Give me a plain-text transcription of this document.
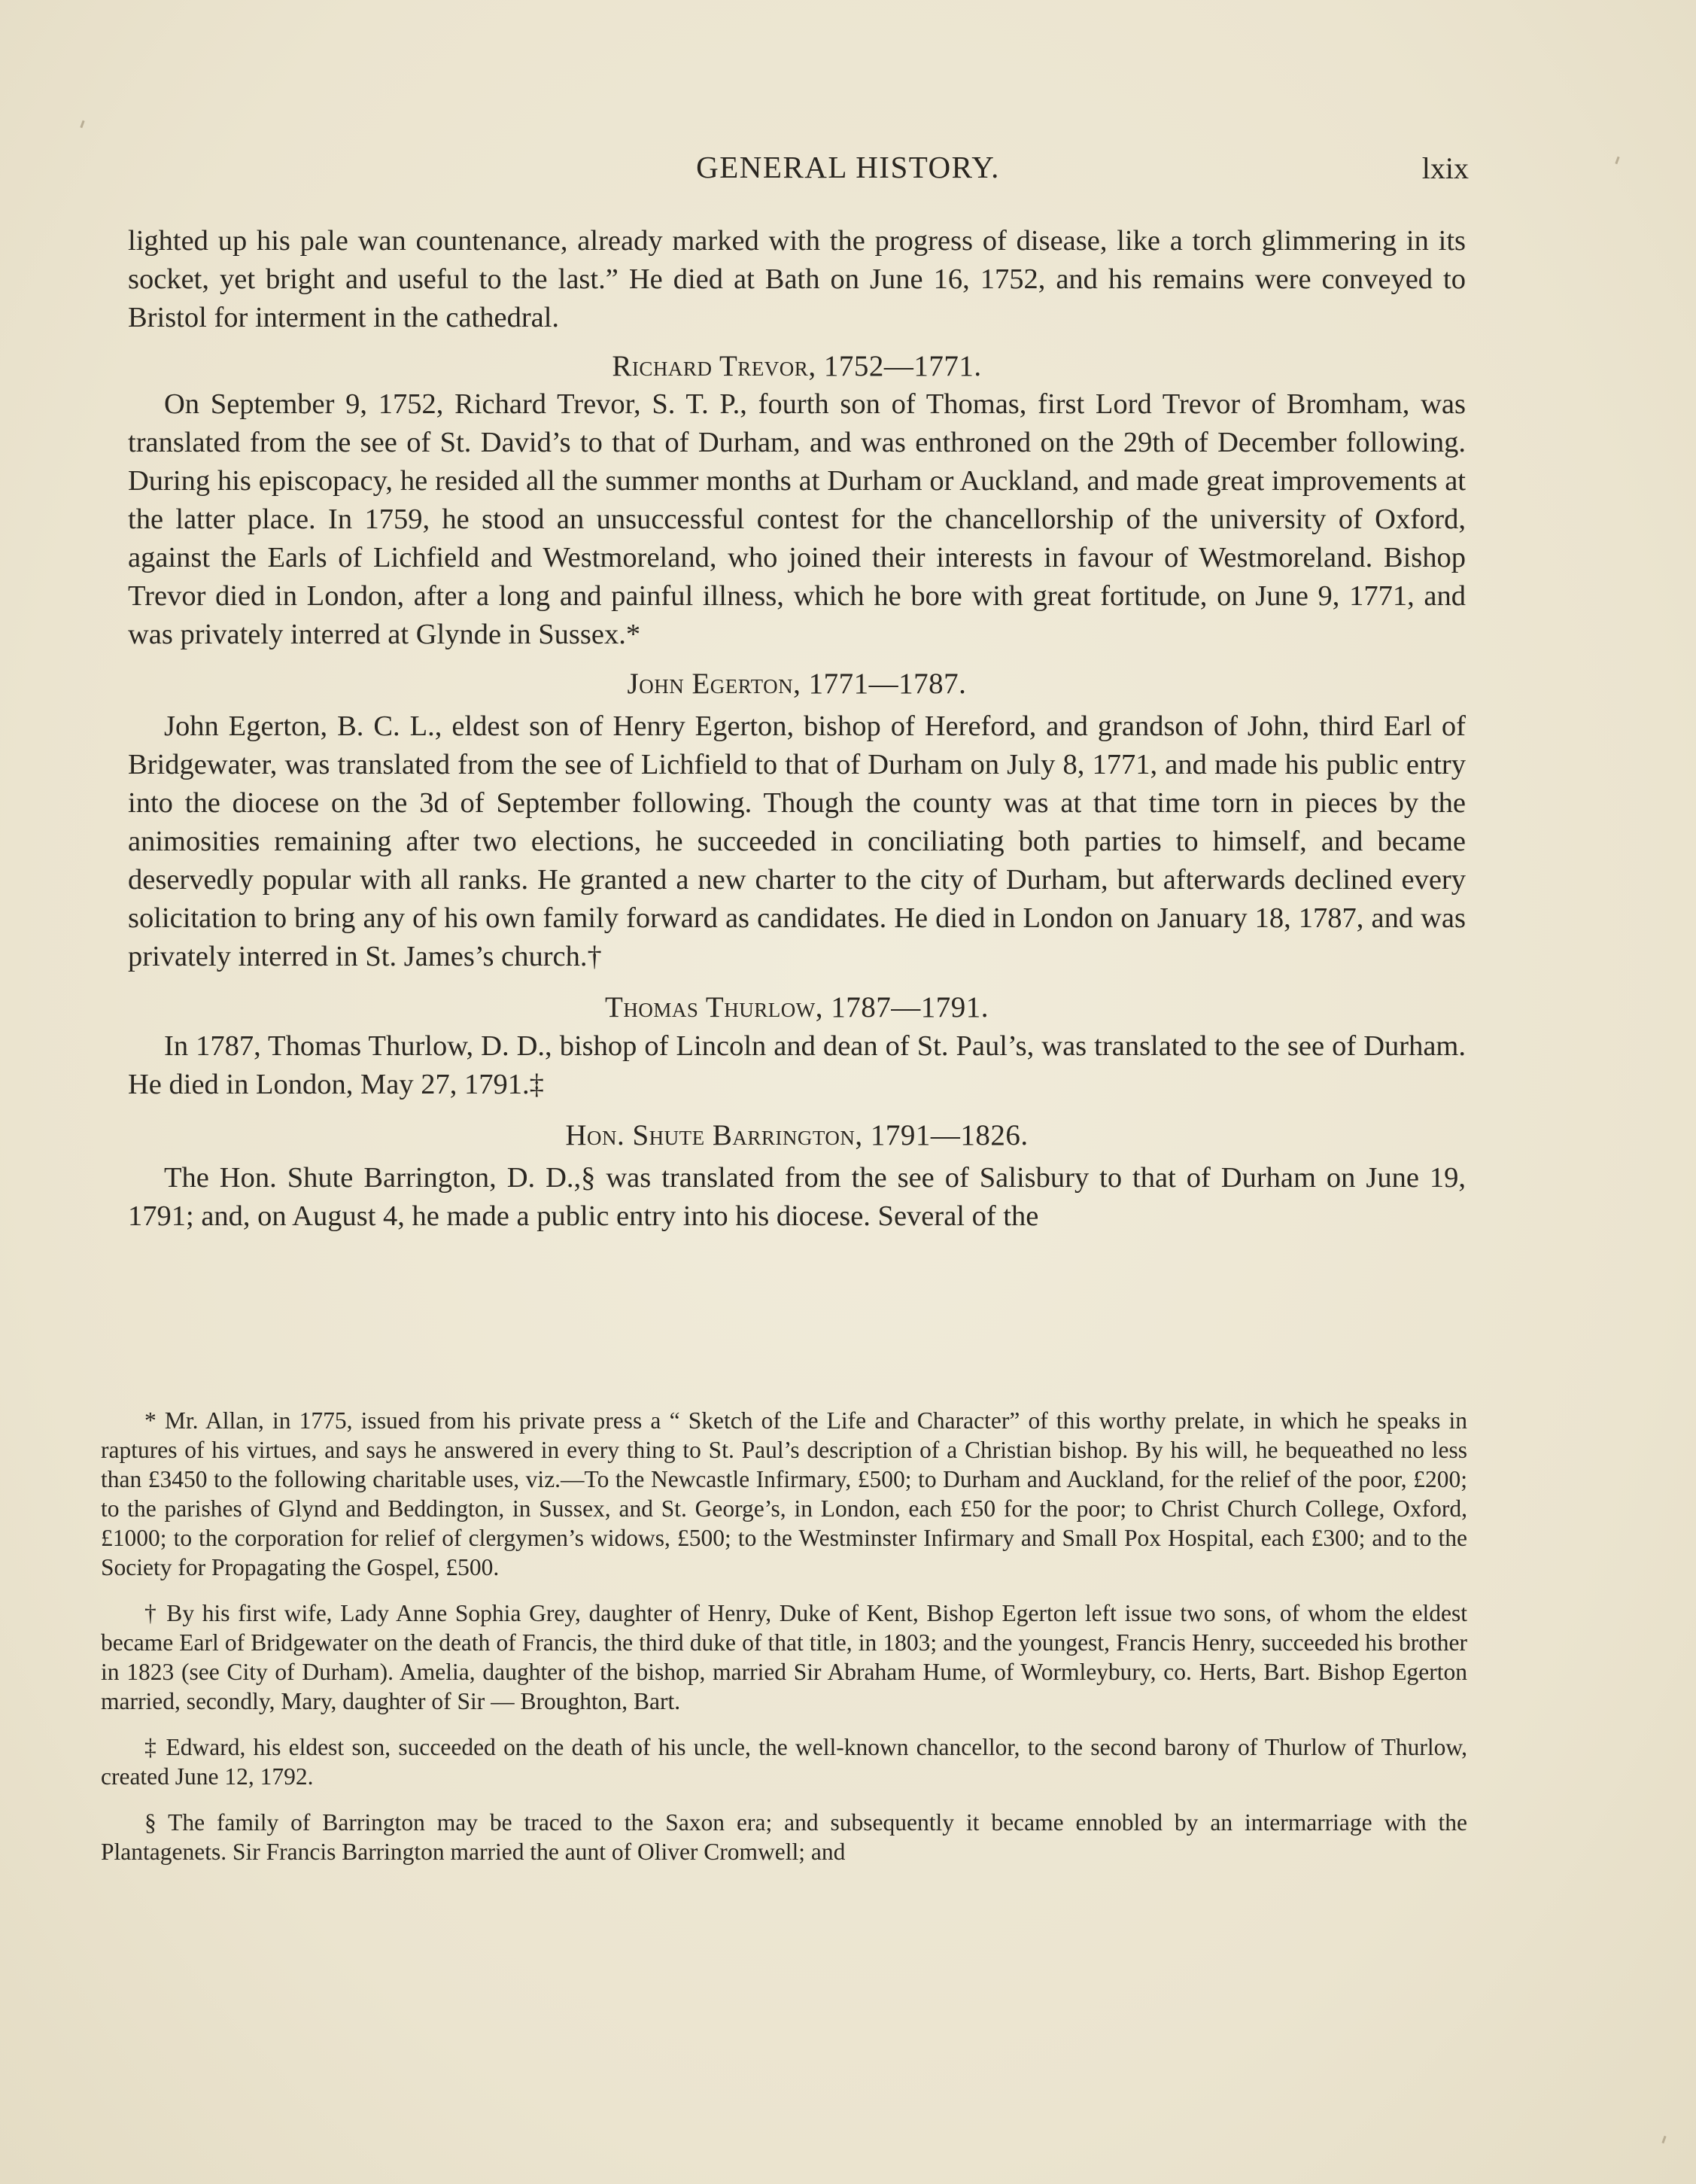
GENERAL HISTORY.	lxix

lighted up his pale wan countenance, already marked with the progress of disease, like a torch glimmering in its socket, yet bright and useful to the last.” He died at Bath on June 16, 1752, and his remains were conveyed to Bristol for interment in the cathedral.

Richard Trevor, 1752—1771.

On September 9, 1752, Richard Trevor, S. T. P., fourth son of Thomas, first Lord Trevor of Bromham, was translated from the see of St. David’s to that of Durham, and was enthroned on the 29th of December following. During his episcopacy, he resided all the summer months at Durham or Auckland, and made great improvements at the latter place. In 1759, he stood an unsuccessful contest for the chancellorship of the university of Oxford, against the Earls of Lichfield and Westmoreland, who joined their interests in favour of Westmoreland. Bishop Trevor died in London, after a long and painful illness, which he bore with great fortitude, on June 9, 1771, and was privately interred at Glynde in Sussex.*

John Egerton, 1771—1787.

John Egerton, B. C. L., eldest son of Henry Egerton, bishop of Hereford, and grandson of John, third Earl of Bridgewater, was translated from the see of Lichfield to that of Durham on July 8, 1771, and made his public entry into the diocese on the 3d of September following. Though the county was at that time torn in pieces by the animosities remaining after two elections, he succeeded in conciliating both parties to himself, and became deservedly popular with all ranks. He granted a new charter to the city of Durham, but afterwards declined every solicitation to bring any of his own family forward as candidates. He died in London on January 18, 1787, and was privately interred in St. James’s church.†

Thomas Thurlow, 1787—1791.

In 1787, Thomas Thurlow, D. D., bishop of Lincoln and dean of St. Paul’s, was translated to the see of Durham. He died in London, May 27, 1791.‡

Hon. Shute Barrington, 1791—1826.

The Hon. Shute Barrington, D. D.,§ was translated from the see of Salisbury to that of Durham on June 19, 1791; and, on August 4, he made a public entry into his diocese. Several of the

* Mr. Allan, in 1775, issued from his private press a “ Sketch of the Life and Character” of this worthy prelate, in which he speaks in raptures of his virtues, and says he answered in every thing to St. Paul’s description of a Christian bishop. By his will, he bequeathed no less than £3450 to the following charitable uses, viz.—To the Newcastle Infirmary, £500; to Durham and Auckland, for the relief of the poor, £200; to the parishes of Glynd and Beddington, in Sussex, and St. George’s, in London, each £50 for the poor; to Christ Church College, Oxford, £1000; to the corporation for relief of clergymen’s widows, £500; to the Westminster Infirmary and Small Pox Hospital, each £300; and to the Society for Propagating the Gospel, £500.

† By his first wife, Lady Anne Sophia Grey, daughter of Henry, Duke of Kent, Bishop Egerton left issue two sons, of whom the eldest became Earl of Bridgewater on the death of Francis, the third duke of that title, in 1803; and the youngest, Francis Henry, succeeded his brother in 1823 (see City of Durham). Amelia, daughter of the bishop, married Sir Abraham Hume, of Wormleybury, co. Herts, Bart. Bishop Egerton married, secondly, Mary, daughter of Sir — Broughton, Bart.

‡ Edward, his eldest son, succeeded on the death of his uncle, the well-known chancellor, to the second barony of Thurlow of Thurlow, created June 12, 1792.

§ The family of Barrington may be traced to the Saxon era; and subsequently it became ennobled by an intermarriage with the Plantagenets. Sir Francis Barrington married the aunt of Oliver Cromwell; and
